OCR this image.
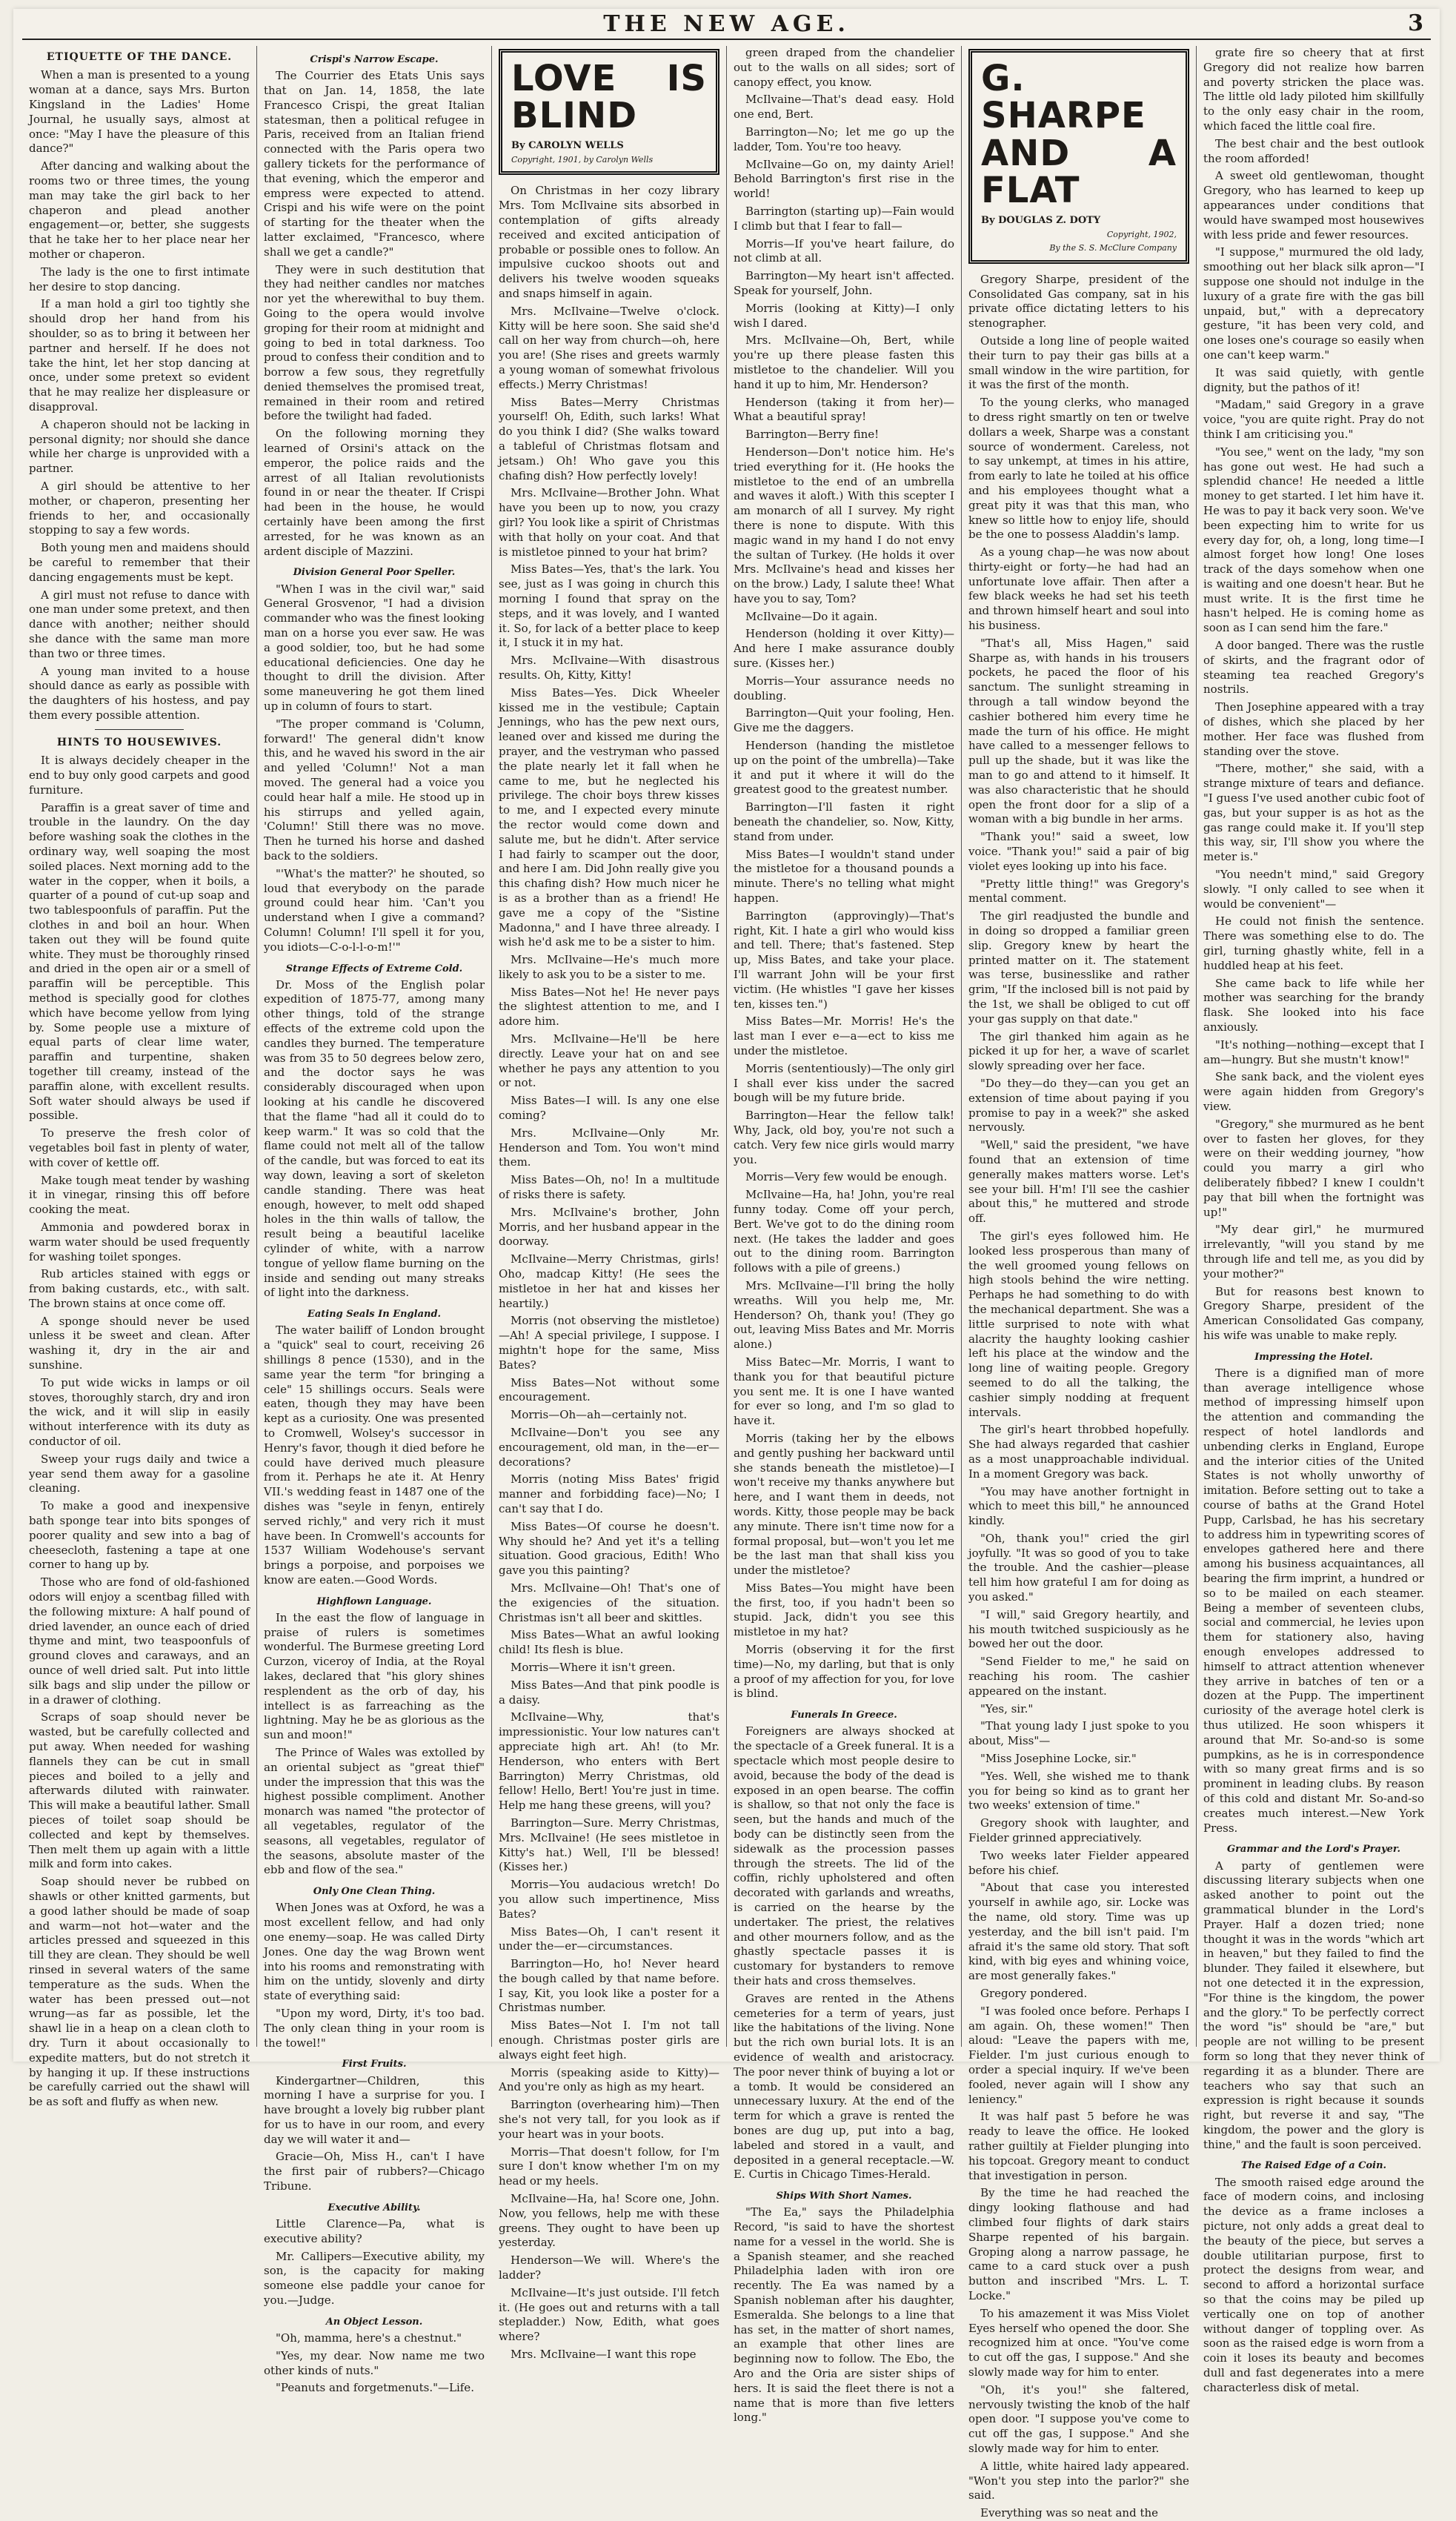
THE NEW AGE.	3
ETIQUETTE OF THE DANCE.

When a man is presented to a young woman at a dance, says Mrs. Burton Kingsland in the Ladies' Home Journal, he usually says, almost at once: "May I have the pleasure of this dance?"

After dancing and walking about the rooms two or three times, the young man may take the girl back to her chaperon and plead another engagement—or, better, she suggests that he take her to her place near her mother or chaperon.

The lady is the one to first intimate her desire to stop dancing.

If a man hold a girl too tightly she should drop her hand from his shoulder, so as to bring it between her partner and herself. If he does not take the hint, let her stop dancing at once, under some pretext so evident that he may realize her displeasure or disapproval.

A chaperon should not be lacking in personal dignity; nor should she dance while her charge is unprovided with a partner.

A girl should be attentive to her mother, or chaperon, presenting her friends to her, and occasionally stopping to say a few words.

Both young men and maidens should be careful to remember that their dancing engagements must be kept.

A girl must not refuse to dance with one man under some pretext, and then dance with another; neither should she dance with the same man more than two or three times.

A young man invited to a house should dance as early as possible with the daughters of his hostess, and pay them every possible attention.

HINTS TO HOUSEWIVES.

It is always decidely cheaper in the end to buy only good carpets and good furniture.

Paraffin is a great saver of time and trouble in the laundry. On the day before washing soak the clothes in the ordinary way, well soaping the most soiled places. Next morning add to the water in the copper, when it boils, a quarter of a pound of cut-up soap and two tablespoonfuls of paraffin. Put the clothes in and boil an hour. When taken out they will be found quite white. They must be thoroughly rinsed and dried in the open air or a smell of paraffin will be perceptible. This method is specially good for clothes which have become yellow from lying by. Some people use a mixture of equal parts of clear lime water, paraffin and turpentine, shaken together till creamy, instead of the paraffin alone, with excellent results. Soft water should always be used if possible.

To preserve the fresh color of vegetables boil fast in plenty of water, with cover of kettle off.

Make tough meat tender by washing it in vinegar, rinsing this off before cooking the meat.

Ammonia and powdered borax in warm water should be used frequently for washing toilet sponges.

Rub articles stained with eggs or from baking custards, etc., with salt. The brown stains at once come off.

A sponge should never be used unless it be sweet and clean. After washing it, dry in the air and sunshine.

To put wide wicks in lamps or oil stoves, thoroughly starch, dry and iron the wick, and it will slip in easily without interference with its duty as conductor of oil.

Sweep your rugs daily and twice a year send them away for a gasoline cleaning.

To make a good and inexpensive bath sponge tear into bits sponges of poorer quality and sew into a bag of cheesecloth, fastening a tape at one corner to hang up by.

Those who are fond of old-fashioned odors will enjoy a scentbag filled with the following mixture: A half pound of dried lavender, an ounce each of dried thyme and mint, two teaspoonfuls of ground cloves and caraways, and an ounce of well dried salt. Put into little silk bags and slip under the pillow or in a drawer of clothing.

Scraps of soap should never be wasted, but be carefully collected and put away. When needed for washing flannels they can be cut in small pieces and boiled to a jelly and afterwards diluted with rainwater. This will make a beautiful lather. Small pieces of toilet soap should be collected and kept by themselves. Then melt them up again with a little milk and form into cakes.

Soap should never be rubbed on shawls or other knitted garments, but a good lather should be made of soap and warm—not hot—water and the articles pressed and squeezed in this till they are clean. They should be well rinsed in several waters of the same temperature as the suds. When the water has been pressed out—not wrung—as far as possible, let the shawl lie in a heap on a clean cloth to dry. Turn it about occasionally to expedite matters, but do not stretch it by hanging it up. If these instructions be carefully carried out the shawl will be as soft and fluffy as when new.

Crispi's Narrow Escape.

The Courrier des Etats Unis says that on Jan. 14, 1858, the late Francesco Crispi, the great Italian statesman, then a political refugee in Paris, received from an Italian friend connected with the Paris opera two gallery tickets for the performance of that evening, which the emperor and empress were expected to attend. Crispi and his wife were on the point of starting for the theater when the latter exclaimed, "Francesco, where shall we get a candle?"

They were in such destitution that they had neither candles nor matches nor yet the wherewithal to buy them. Going to the opera would involve groping for their room at midnight and going to bed in total darkness. Too proud to confess their condition and to borrow a few sous, they regretfully denied themselves the promised treat, remained in their room and retired before the twilight had faded.

On the following morning they learned of Orsini's attack on the emperor, the police raids and the arrest of all Italian revolutionists found in or near the theater. If Crispi had been in the house, he would certainly have been among the first arrested, for he was known as an ardent disciple of Mazzini.

Division General Poor Speller.

"When I was in the civil war," said General Grosvenor, "I had a division commander who was the finest looking man on a horse you ever saw. He was a good soldier, too, but he had some educational deficiencies. One day he thought to drill the division. After some maneuvering he got them lined up in column of fours to start.

"The proper command is 'Column, forward!' The general didn't know this, and he waved his sword in the air and yelled 'Column!' Not a man moved. The general had a voice you could hear half a mile. He stood up in his stirrups and yelled again, 'Column!' Still there was no move. Then he turned his horse and dashed back to the soldiers.

"'What's the matter?' he shouted, so loud that everybody on the parade ground could hear him. 'Can't you understand when I give a command? Column! Column! I'll spell it for you, you idiots—C-o-l-l-o-m!'"

Strange Effects of Extreme Cold.

Dr. Moss of the English polar expedition of 1875-77, among many other things, told of the strange effects of the extreme cold upon the candles they burned. The temperature was from 35 to 50 degrees below zero, and the doctor says he was considerably discouraged when upon looking at his candle he discovered that the flame "had all it could do to keep warm." It was so cold that the flame could not melt all of the tallow of the candle, but was forced to eat its way down, leaving a sort of skeleton candle standing. There was heat enough, however, to melt odd shaped holes in the thin walls of tallow, the result being a beautiful lacelike cylinder of white, with a narrow tongue of yellow flame burning on the inside and sending out many streaks of light into the darkness.

Eating Seals In England.

The water bailiff of London brought a "quick" seal to court, receiving 26 shillings 8 pence (1530), and in the same year the term "for bringing a cele" 15 shillings occurs. Seals were eaten, though they may have been kept as a curiosity. One was presented to Cromwell, Wolsey's successor in Henry's favor, though it died before he could have derived much pleasure from it. Perhaps he ate it. At Henry VII.'s wedding feast in 1487 one of the dishes was "seyle in fenyn, entirely served richly," and very rich it must have been. In Cromwell's accounts for 1537 William Wodehouse's servant brings a porpoise, and porpoises we know are eaten.—Good Words.

Highflown Language.

In the east the flow of language in praise of rulers is sometimes wonderful. The Burmese greeting Lord Curzon, viceroy of India, at the Royal lakes, declared that "his glory shines resplendent as the orb of day, his intellect is as farreaching as the lightning. May he be as glorious as the sun and moon!"

The Prince of Wales was extolled by an oriental subject as "great thief" under the impression that this was the highest possible compliment. Another monarch was named "the protector of all vegetables, regulator of the seasons, all vegetables, regulator of the seasons, absolute master of the ebb and flow of the sea."

Only One Clean Thing.

When Jones was at Oxford, he was a most excellent fellow, and had only one enemy—soap. He was called Dirty Jones. One day the wag Brown went into his rooms and remonstrating with him on the untidy, slovenly and dirty state of everything said:

"Upon my word, Dirty, it's too bad. The only clean thing in your room is the towel!"

First Fruits.

Kindergartner—Children, this morning I have a surprise for you. I have brought a lovely big rubber plant for us to have in our room, and every day we will water it and—

Gracie—Oh, Miss H., can't I have the first pair of rubbers?—Chicago Tribune.

Executive Ability.

Little Clarence—Pa, what is executive ability?

Mr. Callipers—Executive ability, my son, is the capacity for making someone else paddle your canoe for you.—Judge.

An Object Lesson.

"Oh, mamma, here's a chestnut."

"Yes, my dear. Now name me two other kinds of nuts."

"Peanuts and forgetmenuts."—Life.

LOVE IS BLIND
By CAROLYN WELLS
Copyright, 1901, by Carolyn Wells

On Christmas in her cozy library Mrs. Tom McIlvaine sits absorbed in contemplation of gifts already received and excited anticipation of probable or possible ones to follow. An impulsive cuckoo shoots out and delivers his twelve wooden squeaks and snaps himself in again.

Mrs. McIlvaine—Twelve o'clock. Kitty will be here soon. She said she'd call on her way from church—oh, here you are! (She rises and greets warmly a young woman of somewhat frivolous effects.) Merry Christmas!

Miss Bates—Merry Christmas yourself! Oh, Edith, such larks! What do you think I did? (She walks toward a tableful of Christmas flotsam and jetsam.) Oh! Who gave you this chafing dish? How perfectly lovely!

Mrs. McIlvaine—Brother John. What have you been up to now, you crazy girl? You look like a spirit of Christmas with that holly on your coat. And that is mistletoe pinned to your hat brim?

Miss Bates—Yes, that's the lark. You see, just as I was going in church this morning I found that spray on the steps, and it was lovely, and I wanted it. So, for lack of a better place to keep it, I stuck it in my hat.

Mrs. McIlvaine—With disastrous results. Oh, Kitty, Kitty!

Miss Bates—Yes. Dick Wheeler kissed me in the vestibule; Captain Jennings, who has the pew next ours, leaned over and kissed me during the prayer, and the vestryman who passed the plate nearly let it fall when he came to me, but he neglected his privilege. The choir boys threw kisses to me, and I expected every minute the rector would come down and salute me, but he didn't. After service I had fairly to scamper out the door, and here I am. Did John really give you this chafing dish? How much nicer he is as a brother than as a friend! He gave me a copy of the "Sistine Madonna," and I have three already. I wish he'd ask me to be a sister to him.

Mrs. McIlvaine—He's much more likely to ask you to be a sister to me.

Miss Bates—Not he! He never pays the slightest attention to me, and I adore him.

Mrs. McIlvaine—He'll be here directly. Leave your hat on and see whether he pays any attention to you or not.

Miss Bates—I will. Is any one else coming?

Mrs. McIlvaine—Only Mr. Henderson and Tom. You won't mind them.

Miss Bates—Oh, no! In a multitude of risks there is safety.

Mrs. McIlvaine's brother, John Morris, and her husband appear in the doorway.

McIlvaine—Merry Christmas, girls! Oho, madcap Kitty! (He sees the mistletoe in her hat and kisses her heartily.)

Morris (not observing the mistletoe)—Ah! A special privilege, I suppose. I mightn't hope for the same, Miss Bates?

Miss Bates—Not without some encouragement.

Morris—Oh—ah—certainly not.

McIlvaine—Don't you see any encouragement, old man, in the—er—decorations?

Morris (noting Miss Bates' frigid manner and forbidding face)—No; I can't say that I do.

Miss Bates—Of course he doesn't. Why should he? And yet it's a telling situation. Good gracious, Edith! Who gave you this painting?

Mrs. McIlvaine—Oh! That's one of the exigencies of the situation. Christmas isn't all beer and skittles.

Miss Bates—What an awful looking child! Its flesh is blue.

Morris—Where it isn't green.

Miss Bates—And that pink poodle is a daisy.

McIlvaine—Why, that's impressionistic. Your low natures can't appreciate high art. Ah! (to Mr. Henderson, who enters with Bert Barrington) Merry Christmas, old fellow! Hello, Bert! You're just in time. Help me hang these greens, will you?

Barrington—Sure. Merry Christmas, Mrs. McIlvaine! (He sees mistletoe in Kitty's hat.) Well, I'll be blessed! (Kisses her.)

Morris—You audacious wretch! Do you allow such impertinence, Miss Bates?

Miss Bates—Oh, I can't resent it under the—er—circumstances.

Barrington—Ho, ho! Never heard the bough called by that name before. I say, Kit, you look like a poster for a Christmas number.

Miss Bates—Not I. I'm not tall enough. Christmas poster girls are always eight feet high.

Morris (speaking aside to Kitty)—And you're only as high as my heart.

Barrington (overhearing him)—Then she's not very tall, for you look as if your heart was in your boots.

Morris—That doesn't follow, for I'm sure I don't know whether I'm on my head or my heels.

McIlvaine—Ha, ha! Score one, John. Now, you fellows, help me with these greens. They ought to have been up yesterday.

Henderson—We will. Where's the ladder?

McIlvaine—It's just outside. I'll fetch it. (He goes out and returns with a tall stepladder.) Now, Edith, what goes where?

Mrs. McIlvaine—I want this rope

green draped from the chandelier out to the walls on all sides; sort of canopy effect, you know.

McIlvaine—That's dead easy. Hold one end, Bert.

Barrington—No; let me go up the ladder, Tom. You're too heavy.

McIlvaine—Go on, my dainty Ariel! Behold Barrington's first rise in the world!

Barrington (starting up)—Fain would I climb but that I fear to fall—

Morris—If you've heart failure, do not climb at all.

Barrington—My heart isn't affected. Speak for yourself, John.

Morris (looking at Kitty)—I only wish I dared.

Mrs. McIlvaine—Oh, Bert, while you're up there please fasten this mistletoe to the chandelier. Will you hand it up to him, Mr. Henderson?

Henderson (taking it from her)—What a beautiful spray!

Barrington—Berry fine!

Henderson—Don't notice him. He's tried everything for it. (He hooks the mistletoe to the end of an umbrella and waves it aloft.) With this scepter I am monarch of all I survey. My right there is none to dispute. With this magic wand in my hand I do not envy the sultan of Turkey. (He holds it over Mrs. McIlvaine's head and kisses her on the brow.) Lady, I salute thee! What have you to say, Tom?

McIlvaine—Do it again.

Henderson (holding it over Kitty)—And here I make assurance doubly sure. (Kisses her.)

Morris—Your assurance needs no doubling.

Barrington—Quit your fooling, Hen. Give me the daggers.

Henderson (handing the mistletoe up on the point of the umbrella)—Take it and put it where it will do the greatest good to the greatest number.

Barrington—I'll fasten it right beneath the chandelier, so. Now, Kitty, stand from under.

Miss Bates—I wouldn't stand under the mistletoe for a thousand pounds a minute. There's no telling what might happen.

Barrington (approvingly)—That's right, Kit. I hate a girl who would kiss and tell. There; that's fastened. Step up, Miss Bates, and take your place. I'll warrant John will be your first victim. (He whistles "I gave her kisses ten, kisses ten.")

Miss Bates—Mr. Morris! He's the last man I ever e—a—ect to kiss me under the mistletoe.

Morris (sententiously)—The only girl I shall ever kiss under the sacred bough will be my future bride.

Barrington—Hear the fellow talk! Why, Jack, old boy, you're not such a catch. Very few nice girls would marry you.

Morris—Very few would be enough.

McIlvaine—Ha, ha! John, you're real funny today. Come off your perch, Bert. We've got to do the dining room next. (He takes the ladder and goes out to the dining room. Barrington follows with a pile of greens.)

Mrs. McIlvaine—I'll bring the holly wreaths. Will you help me, Mr. Henderson? Oh, thank you! (They go out, leaving Miss Bates and Mr. Morris alone.)

Miss Batec—Mr. Morris, I want to thank you for that beautiful picture you sent me. It is one I have wanted for ever so long, and I'm so glad to have it.

Morris (taking her by the elbows and gently pushing her backward until she stands beneath the mistletoe)—I won't receive my thanks anywhere but here, and I want them in deeds, not words. Kitty, those people may be back any minute. There isn't time now for a formal proposal, but—won't you let me be the last man that shall kiss you under the mistletoe?

Miss Bates—You might have been the first, too, if you hadn't been so stupid. Jack, didn't you see this mistletoe in my hat?

Morris (observing it for the first time)—No, my darling, but that is only a proof of my affection for you, for love is blind.

Funerals In Greece.

Foreigners are always shocked at the spectacle of a Greek funeral. It is a spectacle which most people desire to avoid, because the body of the dead is exposed in an open bearse. The coffin is shallow, so that not only the face is seen, but the hands and much of the body can be distinctly seen from the sidewalk as the procession passes through the streets. The lid of the coffin, richly upholstered and often decorated with garlands and wreaths, is carried on the hearse by the undertaker. The priest, the relatives and other mourners follow, and as the ghastly spectacle passes it is customary for bystanders to remove their hats and cross themselves.

Graves are rented in the Athens cemeteries for a term of years, just like the habitations of the living. None but the rich own burial lots. It is an evidence of wealth and aristocracy. The poor never think of buying a lot or a tomb. It would be considered an unnecessary luxury. At the end of the term for which a grave is rented the bones are dug up, put into a bag, labeled and stored in a vault, and deposited in a general receptacle.—W. E. Curtis in Chicago Times-Herald.

Ships With Short Names.

"The Ea," says the Philadelphia Record, "is said to have the shortest name for a vessel in the world. She is a Spanish steamer, and she reached Philadelphia laden with iron ore recently. The Ea was named by a Spanish nobleman after his daughter, Esmeralda. She belongs to a line that has set, in the matter of short names, an example that other lines are beginning now to follow. The Ebo, the Aro and the Oria are sister ships of hers. It is said the fleet there is not a name that is more than five letters long."

G. SHARPE AND A FLAT
By DOUGLAS Z. DOTY
Copyright, 1902,
By the S. S. McClure Company

Gregory Sharpe, president of the Consolidated Gas company, sat in his private office dictating letters to his stenographer.

Outside a long line of people waited their turn to pay their gas bills at a small window in the wire partition, for it was the first of the month.

To the young clerks, who managed to dress right smartly on ten or twelve dollars a week, Sharpe was a constant source of wonderment. Careless, not to say unkempt, at times in his attire, from early to late he toiled at his office and his employees thought what a great pity it was that this man, who knew so little how to enjoy life, should be the one to possess Aladdin's lamp.

As a young chap—he was now about thirty-eight or forty—he had had an unfortunate love affair. Then after a few black weeks he had set his teeth and thrown himself heart and soul into his business.

"That's all, Miss Hagen," said Sharpe as, with hands in his trousers pockets, he paced the floor of his sanctum. The sunlight streaming in through a tall window beyond the cashier bothered him every time he made the turn of his office. He might have called to a messenger fellows to pull up the shade, but it was like the man to go and attend to it himself. It was also characteristic that he should open the front door for a slip of a woman with a big bundle in her arms.

"Thank you!" said a sweet, low voice. "Thank you!" said a pair of big violet eyes looking up into his face.

"Pretty little thing!" was Gregory's mental comment.

The girl readjusted the bundle and in doing so dropped a familiar green slip. Gregory knew by heart the printed matter on it. The statement was terse, businesslike and rather grim, "If the inclosed bill is not paid by the 1st, we shall be obliged to cut off your gas supply on that date."

The girl thanked him again as he picked it up for her, a wave of scarlet slowly spreading over her face.

"Do they—do they—can you get an extension of time about paying if you promise to pay in a week?" she asked nervously.

"Well," said the president, "we have found that an extension of time generally makes matters worse. Let's see your bill. H'm! I'll see the cashier about this," he muttered and strode off.

The girl's eyes followed him. He looked less prosperous than many of the well groomed young fellows on high stools behind the wire netting. Perhaps he had something to do with the mechanical department. She was a little surprised to note with what alacrity the haughty looking cashier left his place at the window and the long line of waiting people. Gregory seemed to do all the talking, the cashier simply nodding at frequent intervals.

The girl's heart throbbed hopefully. She had always regarded that cashier as a most unapproachable individual. In a moment Gregory was back.

"You may have another fortnight in which to meet this bill," he announced kindly.

"Oh, thank you!" cried the girl joyfully. "It was so good of you to take the trouble. And the cashier—please tell him how grateful I am for doing as you asked."

"I will," said Gregory heartily, and his mouth twitched suspiciously as he bowed her out the door.

"Send Fielder to me," he said on reaching his room. The cashier appeared on the instant.

"Yes, sir."

"That young lady I just spoke to you about, Miss"—

"Miss Josephine Locke, sir."

"Yes. Well, she wished me to thank you for being so kind as to grant her two weeks' extension of time."

Gregory shook with laughter, and Fielder grinned appreciatively.

Two weeks later Fielder appeared before his chief.

"About that case you interested yourself in awhile ago, sir. Locke was the name, old story. Time was up yesterday, and the bill isn't paid. I'm afraid it's the same old story. That soft kind, with big eyes and whining voice, are most generally fakes."

Gregory pondered.

"I was fooled once before. Perhaps I am again. Oh, these women!" Then aloud: "Leave the papers with me, Fielder. I'm just curious enough to order a special inquiry. If we've been fooled, never again will I show any leniency."

It was half past 5 before he was ready to leave the office. He looked rather guiltily at Fielder plunging into his topcoat. Gregory meant to conduct that investigation in person.

By the time he had reached the dingy looking flathouse and had climbed four flights of dark stairs Sharpe repented of his bargain. Groping along a narrow passage, he came to a card stuck over a push button and inscribed "Mrs. L. T. Locke."

To his amazement it was Miss Violet Eyes herself who opened the door. She recognized him at once. "You've come to cut off the gas, I suppose." And she slowly made way for him to enter.

"Oh, it's you!" she faltered, nervously twisting the knob of the half open door. "I suppose you've come to cut off the gas, I suppose." And she slowly made way for him to enter.

A little, white haired lady appeared. "Won't you step into the parlor?" she said.

Everything was so neat and the

grate fire so cheery that at first Gregory did not realize how barren and poverty stricken the place was. The little old lady piloted him skillfully to the only easy chair in the room, which faced the little coal fire.

The best chair and the best outlook the room afforded!

A sweet old gentlewoman, thought Gregory, who has learned to keep up appearances under conditions that would have swamped most housewives with less pride and fewer resources.

"I suppose," murmured the old lady, smoothing out her black silk apron—"I suppose one should not indulge in the luxury of a grate fire with the gas bill unpaid, but," with a deprecatory gesture, "it has been very cold, and one loses one's courage so easily when one can't keep warm."

It was said quietly, with gentle dignity, but the pathos of it!

"Madam," said Gregory in a grave voice, "you are quite right. Pray do not think I am criticising you."

"You see," went on the lady, "my son has gone out west. He had such a splendid chance! He needed a little money to get started. I let him have it. He was to pay it back very soon. We've been expecting him to write for us every day for, oh, a long, long time—I almost forget how long! One loses track of the days somehow when one is waiting and one doesn't hear. But he must write. It is the first time he hasn't helped. He is coming home as soon as I can send him the fare."

A door banged. There was the rustle of skirts, and the fragrant odor of steaming tea reached Gregory's nostrils.

Then Josephine appeared with a tray of dishes, which she placed by her mother. Her face was flushed from standing over the stove.

"There, mother," she said, with a strange mixture of tears and defiance. "I guess I've used another cubic foot of gas, but your supper is as hot as the gas range could make it. If you'll step this way, sir, I'll show you where the meter is."

"You needn't mind," said Gregory slowly. "I only called to see when it would be convenient"—

He could not finish the sentence. There was something else to do. The girl, turning ghastly white, fell in a huddled heap at his feet.

She came back to life while her mother was searching for the brandy flask. She looked into his face anxiously.

"It's nothing—nothing—except that I am—hungry. But she mustn't know!"

She sank back, and the violent eyes were again hidden from Gregory's view.

"Gregory," she murmured as he bent over to fasten her gloves, for they were on their wedding journey, "how could you marry a girl who deliberately fibbed? I knew I couldn't pay that bill when the fortnight was up!"

"My dear girl," he murmured irrelevantly, "will you stand by me through life and tell me, as you did by your mother?"

But for reasons best known to Gregory Sharpe, president of the American Consolidated Gas company, his wife was unable to make reply.

Impressing the Hotel.

There is a dignified man of more than average intelligence whose method of impressing himself upon the attention and commanding the respect of hotel landlords and unbending clerks in England, Europe and the interior cities of the United States is not wholly unworthy of imitation. Before setting out to take a course of baths at the Grand Hotel Pupp, Carlsbad, he has his secretary to address him in typewriting scores of envelopes gathered here and there among his business acquaintances, all bearing the firm imprint, a hundred or so to be mailed on each steamer. Being a member of seventeen clubs, social and commercial, he levies upon them for stationery also, having enough envelopes addressed to himself to attract attention whenever they arrive in batches of ten or a dozen at the Pupp. The impertinent curiosity of the average hotel clerk is thus utilized. He soon whispers it around that Mr. So-and-so is some pumpkins, as he is in correspondence with so many great firms and is so prominent in leading clubs. By reason of this cold and distant Mr. So-and-so creates much interest.—New York Press.

Grammar and the Lord's Prayer.

A party of gentlemen were discussing literary subjects when one asked another to point out the grammatical blunder in the Lord's Prayer. Half a dozen tried; none thought it was in the words "which art in heaven," but they failed to find the blunder. They failed it elsewhere, but not one detected it in the expression, "For thine is the kingdom, the power and the glory." To be perfectly correct the word "is" should be "are," but people are not willing to be present form so long that they never think of regarding it as a blunder. There are teachers who say that such an expression is right because it sounds right, but reverse it and say, "The kingdom, the power and the glory is thine," and the fault is soon perceived.

The Raised Edge of a Coin.

The smooth raised edge around the face of modern coins, and inclosing the device as a frame incloses a picture, not only adds a great deal to the beauty of the piece, but serves a double utilitarian purpose, first to protect the designs from wear, and second to afford a horizontal surface so that the coins may be piled up vertically one on top of another without danger of toppling over. As soon as the raised edge is worn from a coin it loses its beauty and becomes dull and fast degenerates into a mere characterless disk of metal.
